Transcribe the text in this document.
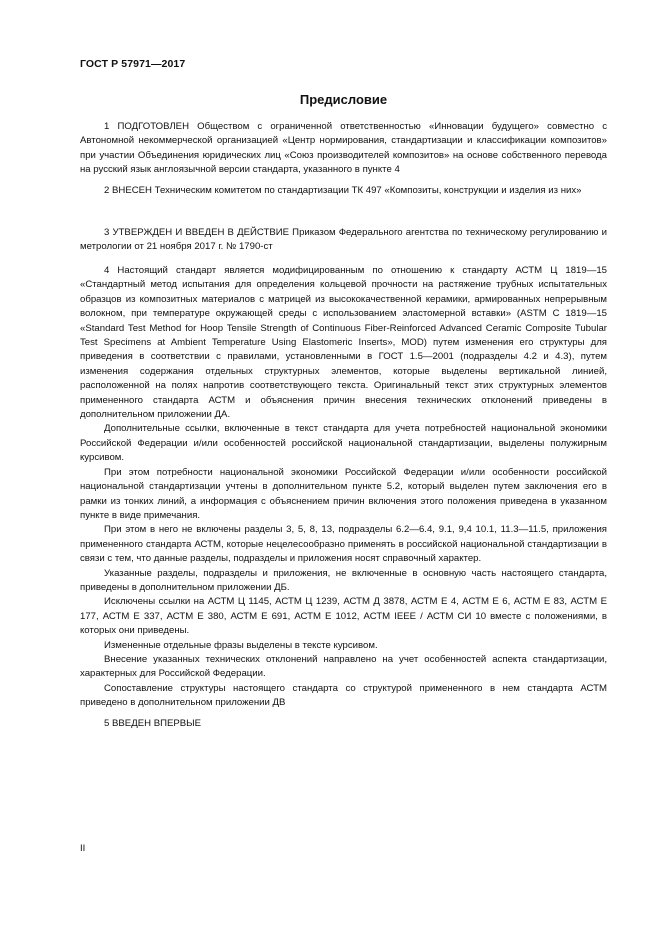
ГОСТ Р 57971—2017
Предисловие

1 ПОДГОТОВЛЕН Обществом с ограниченной ответственностью «Инновации будущего» совместно с Автономной некоммерческой организацией «Центр нормирования, стандартизации и классификации композитов» при участии Объединения юридических лиц «Союз производителей композитов» на основе собственного перевода на русский язык англоязычной версии стандарта, указанного в пункте 4

2 ВНЕСЕН Техническим комитетом по стандартизации ТК 497 «Композиты, конструкции и изделия из них»

3 УТВЕРЖДЕН И ВВЕДЕН В ДЕЙСТВИЕ Приказом Федерального агентства по техническому регулированию и метрологии от 21 ноября 2017 г. № 1790-ст

4 Настоящий стандарт является модифицированным по отношению к стандарту АСТМ Ц 1819—15 «Стандартный метод испытания для определения кольцевой прочности на растяжение трубных испытательных образцов из композитных материалов с матрицей из высококачественной керамики, армированных непрерывным волокном, при температуре окружающей среды с использованием эластомерной вставки» (ASTM C 1819—15 «Standard Test Method for Hoop Tensile Strength of Continuous Fiber-Reinforced Advanced Ceramic Composite Tubular Test Specimens at Ambient Temperature Using Elastomeric Inserts», MOD) путем изменения его структуры для приведения в соответствии с правилами, установленными в ГОСТ 1.5—2001 (подразделы 4.2 и 4.3), путем изменения содержания отдельных структурных элементов, которые выделены вертикальной линией, расположенной на полях напротив соответствующего текста. Оригинальный текст этих структурных элементов примененного стандарта АСТМ и объяснения причин внесения технических отклонений приведены в дополнительном приложении ДА.

Дополнительные ссылки, включенные в текст стандарта для учета потребностей национальной экономики Российской Федерации и/или особенностей российской национальной стандартизации, выделены полужирным курсивом.

При этом потребности национальной экономики Российской Федерации и/или особенности российской национальной стандартизации учтены в дополнительном пункте 5.2, который выделен путем заключения его в рамки из тонких линий, а информация с объяснением причин включения этого положения приведена в указанном пункте в виде примечания.

При этом в него не включены разделы 3, 5, 8, 13, подразделы 6.2—6.4, 9.1, 9,4 10.1, 11.3—11.5, приложения примененного стандарта АСТМ, которые нецелесообразно применять в российской национальной стандартизации в связи с тем, что данные разделы, подразделы и приложения носят справочный характер.

Указанные разделы, подразделы и приложения, не включенные в основную часть настоящего стандарта, приведены в дополнительном приложении ДБ.

Исключены ссылки на АСТМ Ц 1145, АСТМ Ц 1239, АСТМ Д 3878, АСТМ Е 4, АСТМ Е 6, АСТМ Е 83, АСТМ Е 177, АСТМ Е 337, АСТМ Е 380, АСТМ Е 691, АСТМ Е 1012, АСТМ IEEE / АСТМ СИ 10 вместе с положениями, в которых они приведены.

Измененные отдельные фразы выделены в тексте курсивом.

Внесение указанных технических отклонений направлено на учет особенностей аспекта стандартизации, характерных для Российской Федерации.

Сопоставление структуры настоящего стандарта со структурой примененного в нем стандарта АСТМ приведено в дополнительном приложении ДВ

5 ВВЕДЕН ВПЕРВЫЕ

II
